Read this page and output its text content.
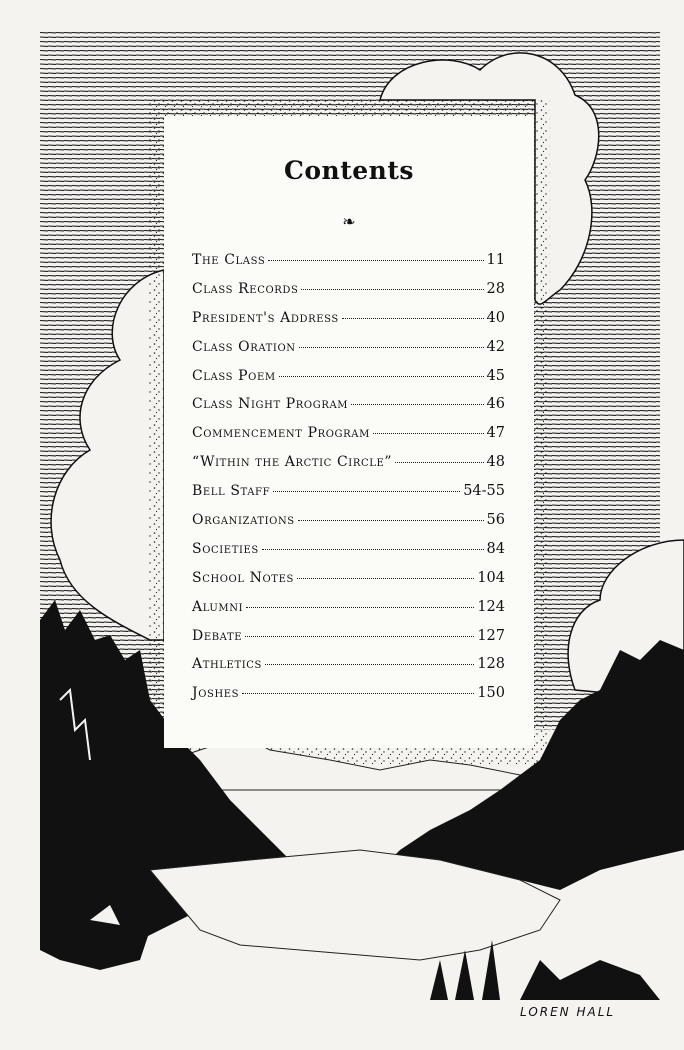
Contents
❧
The Class	11
Class Records	28
President's Address	40
Class Oration	42
Class Poem	45
Class Night Program	46
Commencement Program	47
“Within the Arctic Circle”	48
Bell Staff	54-55
Organizations	56
Societies	84
School Notes	104
Alumni	124
Debate	127
Athletics	128
Joshes	150
LOREN HALL
